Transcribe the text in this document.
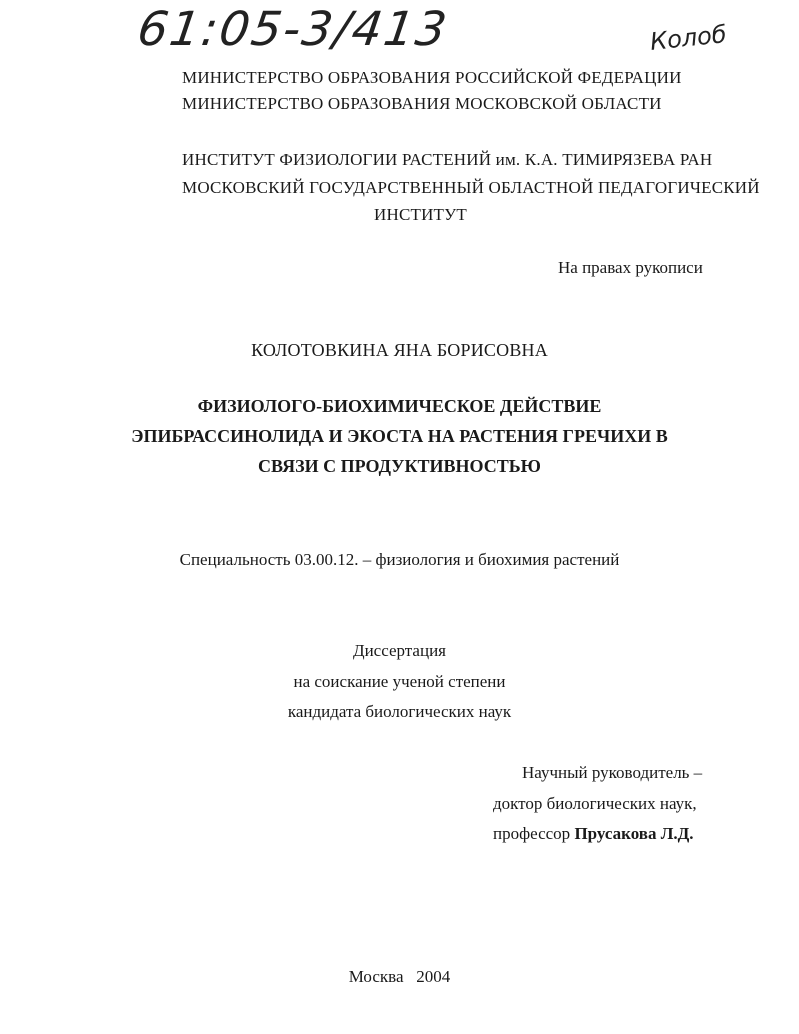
61:05-3/413	Колоб
МИНИСТЕРСТВО ОБРАЗОВАНИЯ РОССИЙСКОЙ ФЕДЕРАЦИИ
МИНИСТЕРСТВО ОБРАЗОВАНИЯ МОСКОВСКОЙ ОБЛАСТИ
ИНСТИТУТ ФИЗИОЛОГИИ РАСТЕНИЙ им. К.А. ТИМИРЯЗЕВА РАН
МОСКОВСКИЙ ГОСУДАРСТВЕННЫЙ ОБЛАСТНОЙ ПЕДАГОГИЧЕСКИЙ
ИНСТИТУТ
На правах рукописи
КОЛОТОВКИНА ЯНА БОРИСОВНА
ФИЗИОЛОГО-БИОХИМИЧЕСКОЕ ДЕЙСТВИЕ
ЭПИБРАССИНОЛИДА И ЭКОСТА НА РАСТЕНИЯ ГРЕЧИХИ В
СВЯЗИ С ПРОДУКТИВНОСТЬЮ
Специальность 03.00.12. – физиология и биохимия растений
Диссертация
на соискание ученой степени
кандидата биологических наук
Научный руководитель –
доктор биологических наук,
профессор Прусакова Л.Д.
Москва 2004
